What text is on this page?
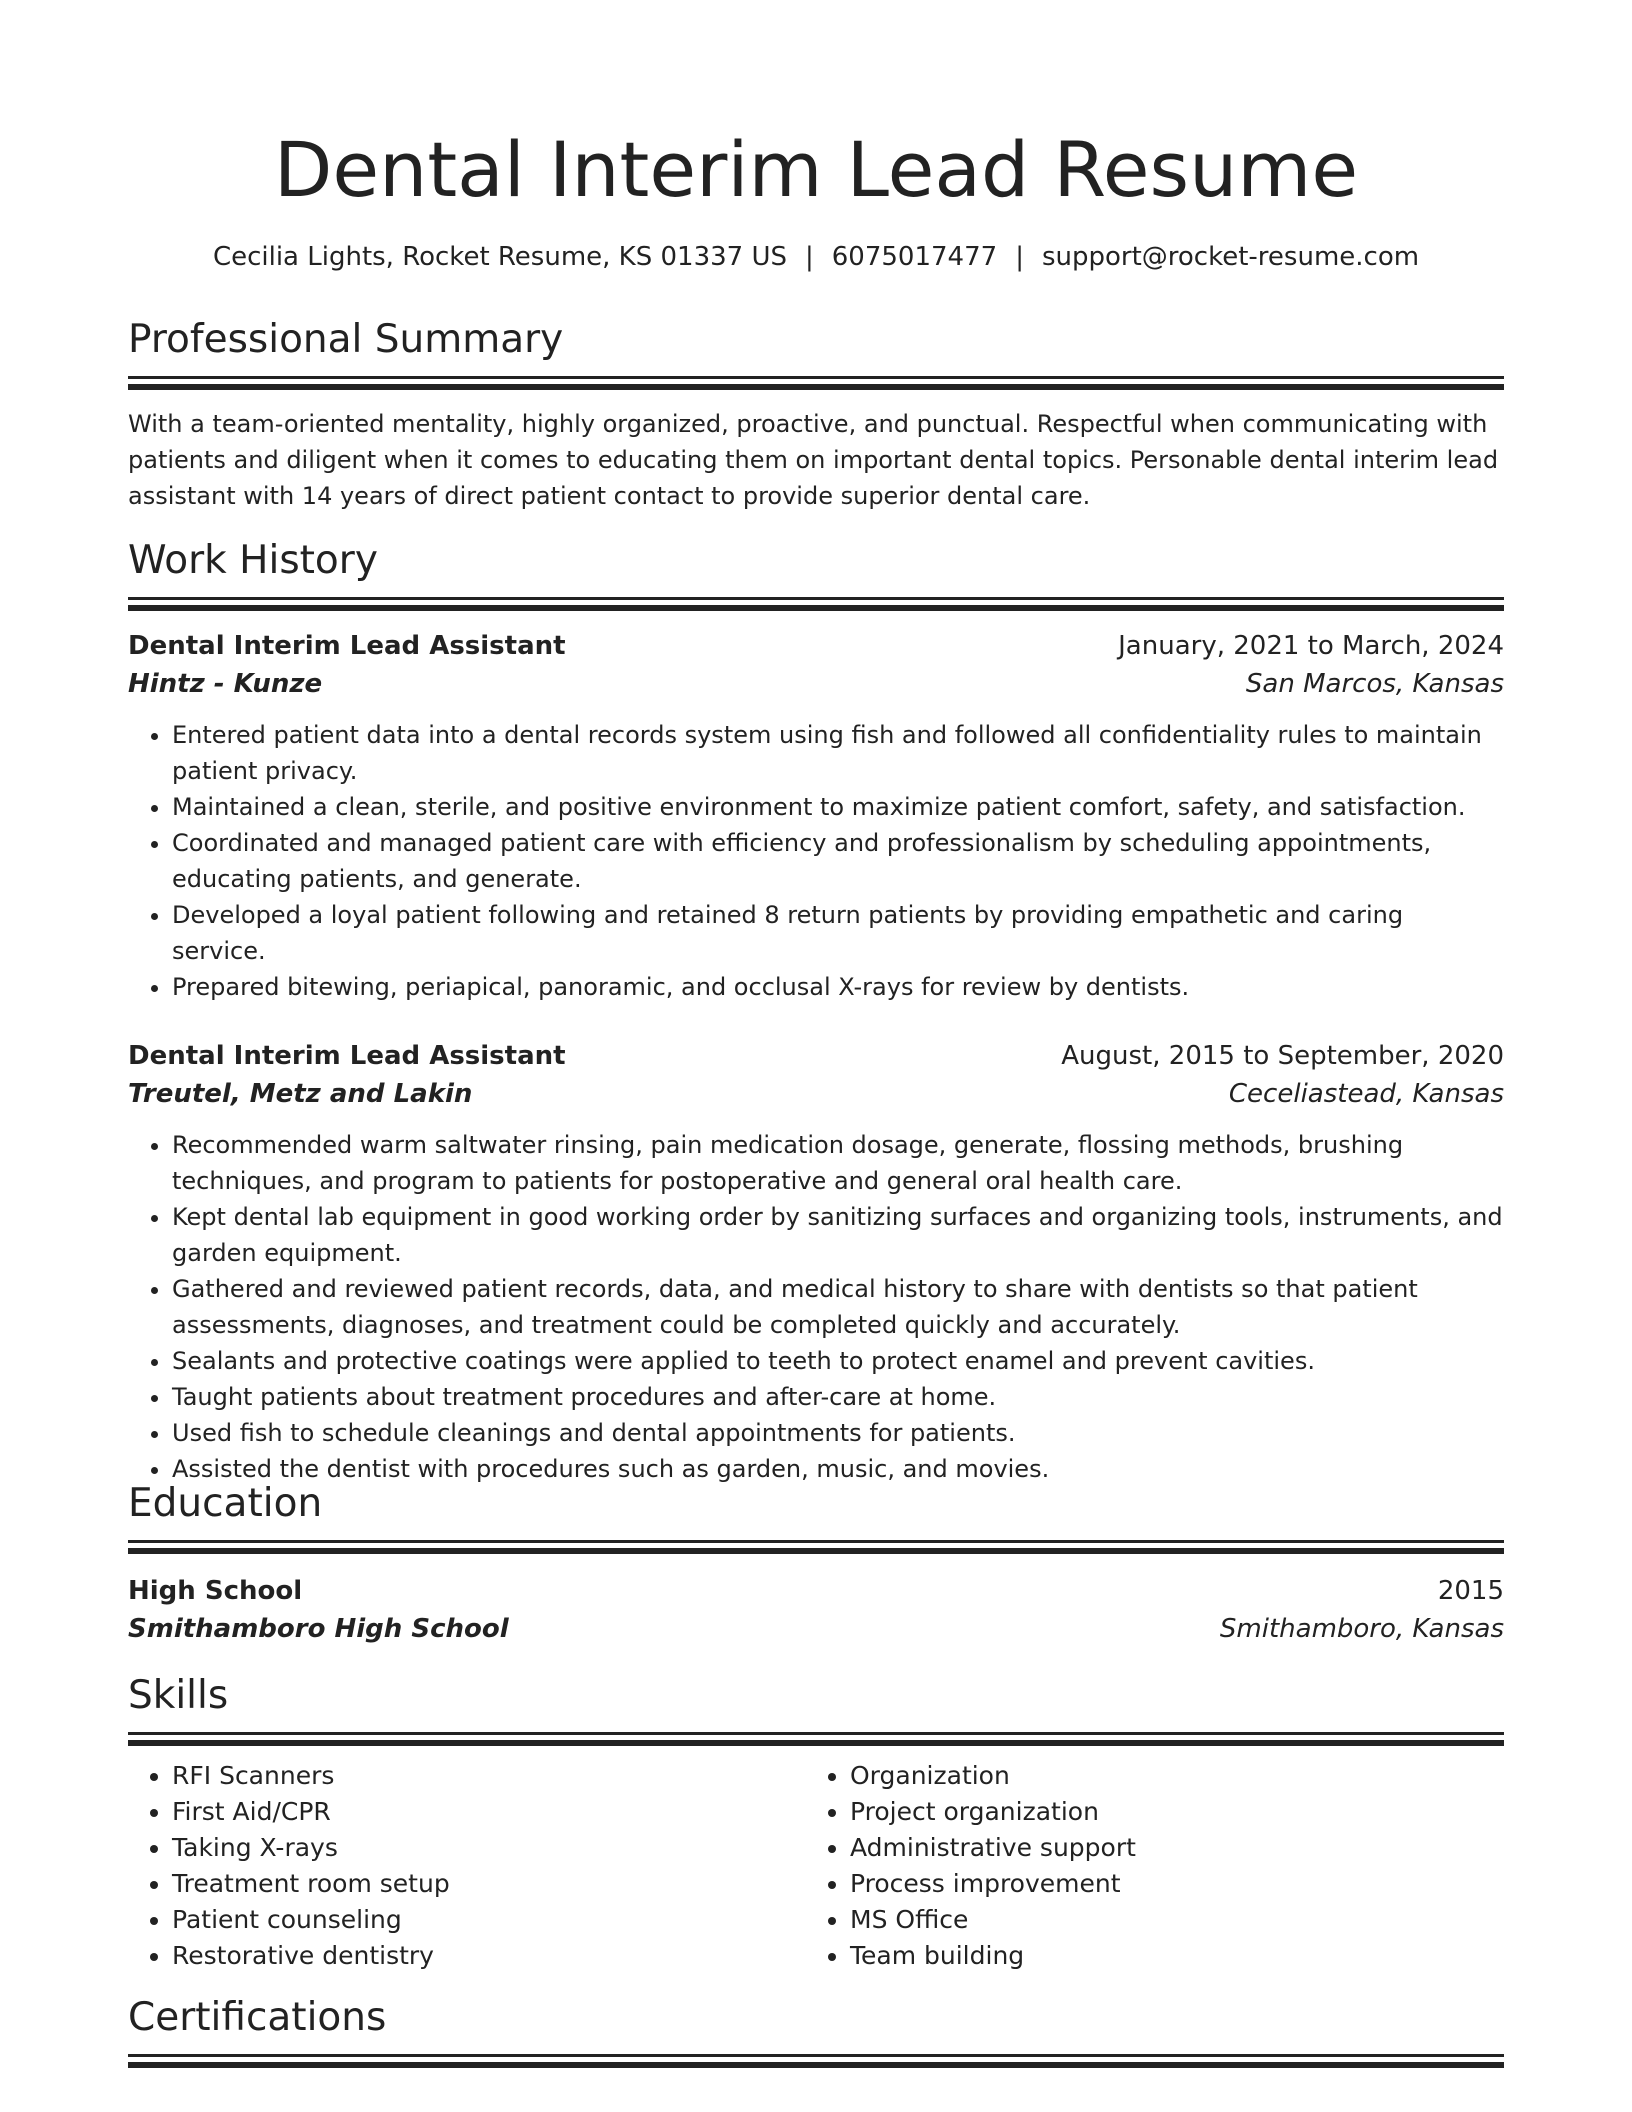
Dental Interim Lead Resume
Cecilia Lights, Rocket Resume, KS 01337 US | 6075017477 | support@rocket-resume.com
Professional Summary
With a team-oriented mentality, highly organized, proactive, and punctual. Respectful when communicating with patients and diligent when it comes to educating them on important dental topics. Personable dental interim lead assistant with 14 years of direct patient contact to provide superior dental care.
Work History
Dental Interim Lead Assistant	January, 2021 to March, 2024
Hintz - Kunze	San Marcos, Kansas
• Entered patient data into a dental records system using fish and followed all confidentiality rules to maintain patient privacy.
• Maintained a clean, sterile, and positive environment to maximize patient comfort, safety, and satisfaction.
• Coordinated and managed patient care with efficiency and professionalism by scheduling appointments, educating patients, and generate.
• Developed a loyal patient following and retained 8 return patients by providing empathetic and caring service.
• Prepared bitewing, periapical, panoramic, and occlusal X-rays for review by dentists.
Dental Interim Lead Assistant	August, 2015 to September, 2020
Treutel, Metz and Lakin	Ceceliastead, Kansas
• Recommended warm saltwater rinsing, pain medication dosage, generate, flossing methods, brushing techniques, and program to patients for postoperative and general oral health care.
• Kept dental lab equipment in good working order by sanitizing surfaces and organizing tools, instruments, and garden equipment.
• Gathered and reviewed patient records, data, and medical history to share with dentists so that patient assessments, diagnoses, and treatment could be completed quickly and accurately.
• Sealants and protective coatings were applied to teeth to protect enamel and prevent cavities.
• Taught patients about treatment procedures and after-care at home.
• Used fish to schedule cleanings and dental appointments for patients.
• Assisted the dentist with procedures such as garden, music, and movies.
Education
High School	2015
Smithamboro High School	Smithamboro, Kansas
Skills
• RFI Scanners
• First Aid/CPR
• Taking X-rays
• Treatment room setup
• Patient counseling
• Restorative dentistry
• Organization
• Project organization
• Administrative support
• Process improvement
• MS Office
• Team building
Certifications
